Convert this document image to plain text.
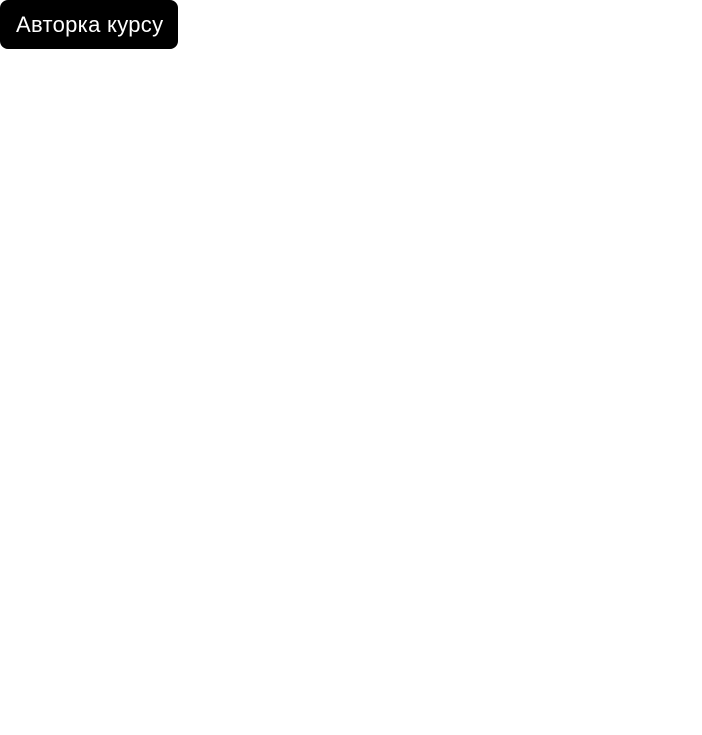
Авторка курсу
